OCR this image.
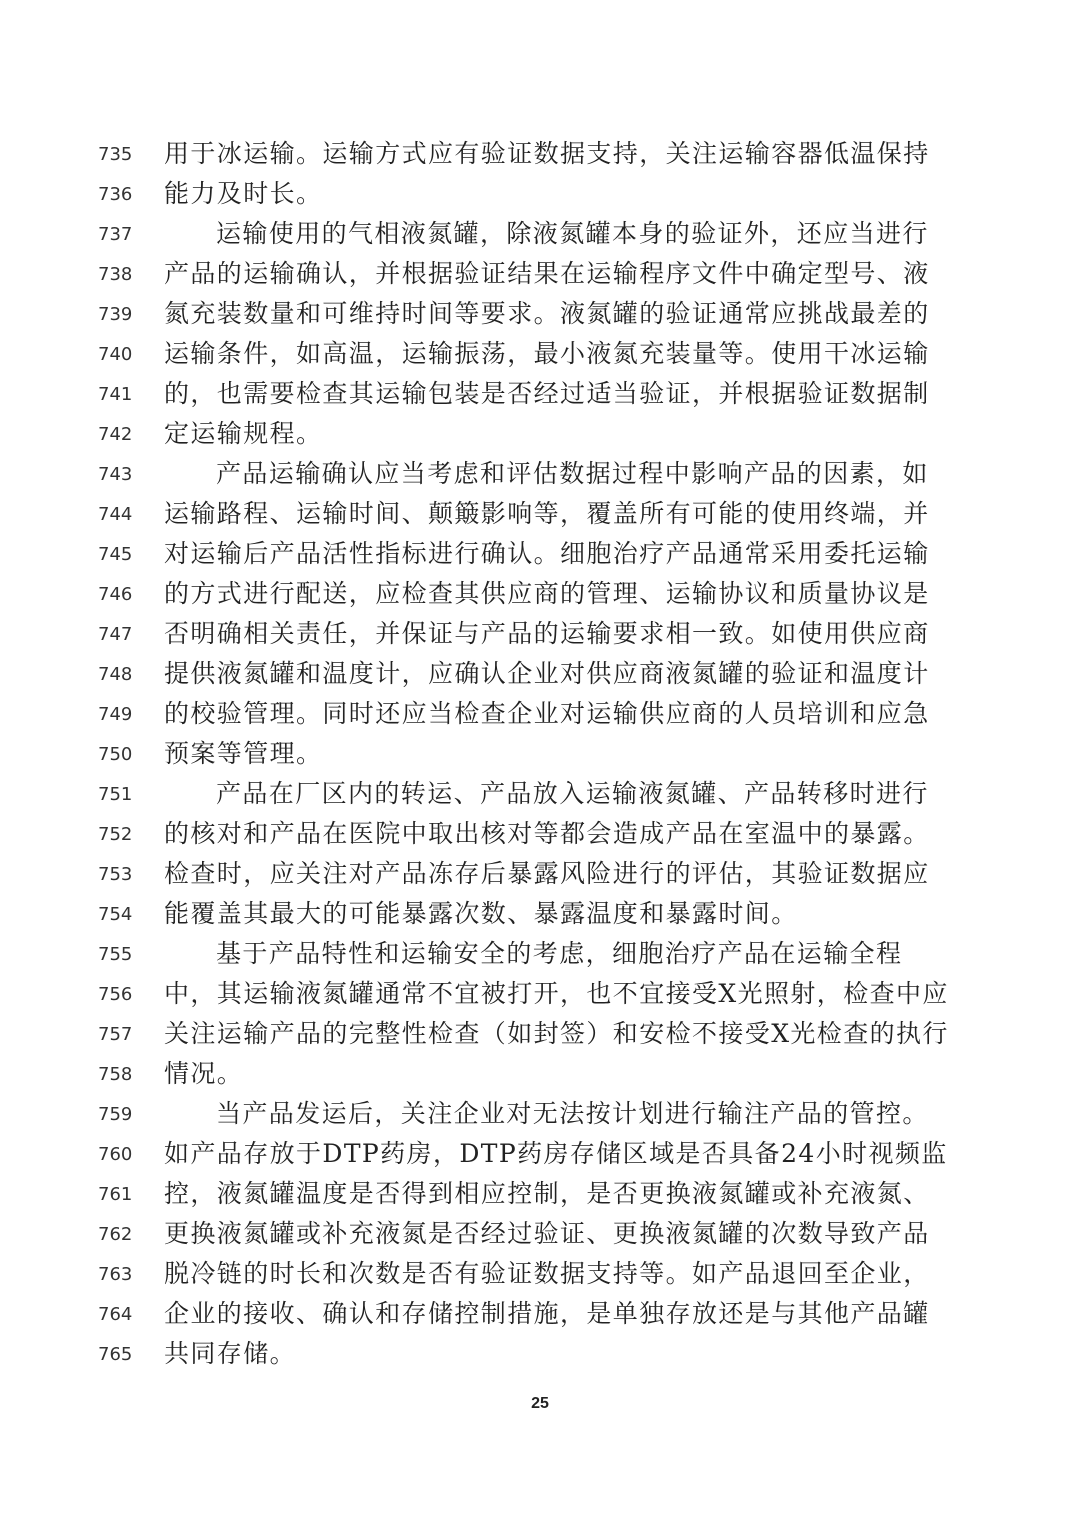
735 用于冰运输。运输方式应有验证数据支持，关注运输容器低温保持
736 能力及时长。
737	运输使用的气相液氮罐，除液氮罐本身的验证外，还应当进行
738 产品的运输确认，并根据验证结果在运输程序文件中确定型号、液
739 氮充装数量和可维持时间等要求。液氮罐的验证通常应挑战最差的
740 运输条件，如高温，运输振荡，最小液氮充装量等。使用干冰运输
741 的，也需要检查其运输包装是否经过适当验证，并根据验证数据制
742 定运输规程。
743	产品运输确认应当考虑和评估数据过程中影响产品的因素，如
744 运输路程、运输时间、颠簸影响等，覆盖所有可能的使用终端，并
745 对运输后产品活性指标进行确认。细胞治疗产品通常采用委托运输
746 的方式进行配送，应检查其供应商的管理、运输协议和质量协议是
747 否明确相关责任，并保证与产品的运输要求相一致。如使用供应商
748 提供液氮罐和温度计，应确认企业对供应商液氮罐的验证和温度计
749 的校验管理。同时还应当检查企业对运输供应商的人员培训和应急
750 预案等管理。
751	产品在厂区内的转运、产品放入运输液氮罐、产品转移时进行
752 的核对和产品在医院中取出核对等都会造成产品在室温中的暴露。
753 检查时，应关注对产品冻存后暴露风险进行的评估，其验证数据应
754 能覆盖其最大的可能暴露次数、暴露温度和暴露时间。
755	基于产品特性和运输安全的考虑，细胞治疗产品在运输全程
756 中，其运输液氮罐通常不宜被打开，也不宜接受X光照射，检查中应
757 关注运输产品的完整性检查（如封签）和安检不接受X光检查的执行
758 情况。
759	当产品发运后，关注企业对无法按计划进行输注产品的管控。
760 如产品存放于DTP药房，DTP药房存储区域是否具备24小时视频监
761 控，液氮罐温度是否得到相应控制，是否更换液氮罐或补充液氮、
762 更换液氮罐或补充液氮是否经过验证、更换液氮罐的次数导致产品
763 脱冷链的时长和次数是否有验证数据支持等。如产品退回至企业，
764 企业的接收、确认和存储控制措施，是单独存放还是与其他产品罐
765 共同存储。
25
